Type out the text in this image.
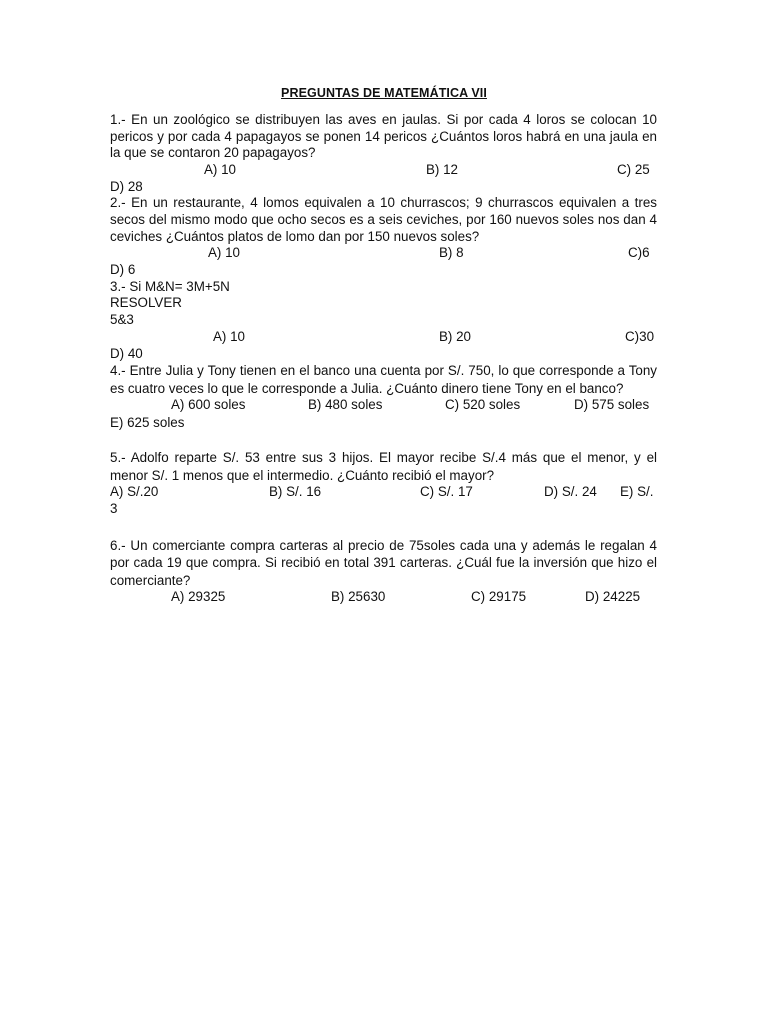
PREGUNTAS DE MATEMÁTICA VII
1.- En un zoológico se distribuyen las aves en jaulas. Si por cada 4 loros se colocan 10 pericos y por cada 4 papagayos se ponen 14 pericos ¿Cuántos loros habrá en una jaula en la que se contaron 20 papagayos?
A) 10	B) 12	C) 25
D) 28
2.- En un restaurante, 4 lomos equivalen a 10 churrascos; 9 churrascos equivalen a tres secos del mismo modo que ocho secos es a seis ceviches, por 160 nuevos soles nos dan 4 ceviches ¿Cuántos platos de lomo dan por 150 nuevos soles?
A) 10	B) 8	C)6
D) 6
3.- Si M&N= 3M+5N
RESOLVER
5&3
A) 10	B) 20	C)30
D) 40
4.- Entre Julia y Tony tienen en el banco una cuenta por S/. 750, lo que corresponde a Tony es cuatro veces lo que le corresponde a Julia. ¿Cuánto dinero tiene Tony en el banco?
A) 600 soles	B) 480 soles	C) 520 soles	D) 575 soles
E) 625 soles
5.- Adolfo reparte S/. 53 entre sus 3 hijos. El mayor recibe S/.4 más que el menor, y el menor S/. 1 menos que el intermedio. ¿Cuánto recibió el mayor?
A) S/.20	B) S/. 16	C) S/. 17	D) S/. 24 E) S/.
3
6.- Un comerciante compra carteras al precio de 75soles cada una y además le regalan 4 por cada 19 que compra. Si recibió en total 391 carteras. ¿Cuál fue la inversión que hizo el comerciante?
A) 29325	B) 25630	C) 29175	D) 24225
